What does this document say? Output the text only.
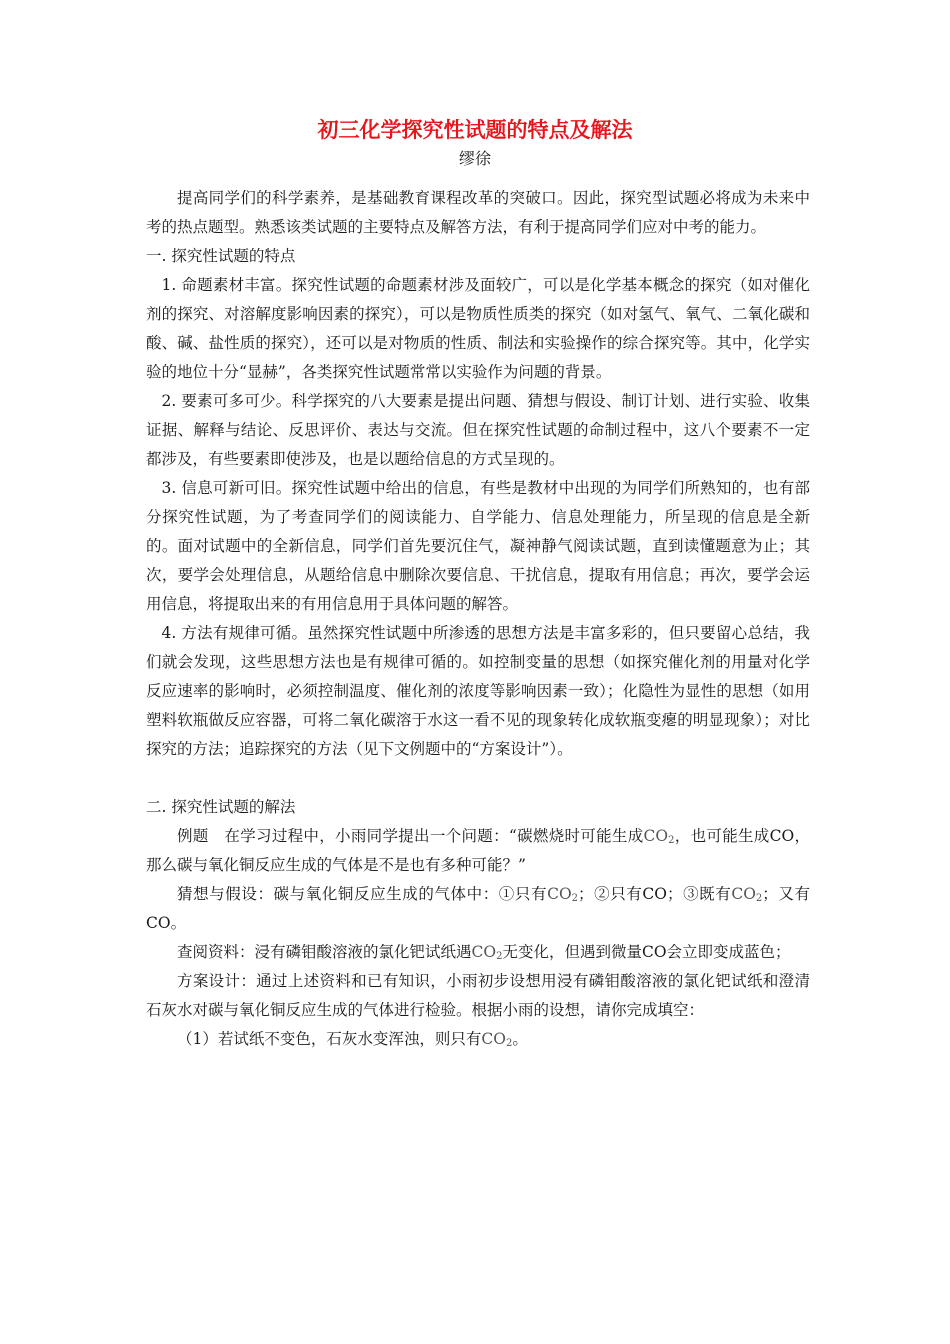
初三化学探究性试题的特点及解法
缪徐

提高同学们的科学素养，是基础教育课程改革的突破口。因此，探究型试题必将成为未来中考的热点题型。熟悉该类试题的主要特点及解答方法，有利于提高同学们应对中考的能力。

一. 探究性试题的特点

1. 命题素材丰富。探究性试题的命题素材涉及面较广，可以是化学基本概念的探究（如对催化剂的探究、对溶解度影响因素的探究），可以是物质性质类的探究（如对氢气、氧气、二氧化碳和酸、碱、盐性质的探究），还可以是对物质的性质、制法和实验操作的综合探究等。其中，化学实验的地位十分“显赫”，各类探究性试题常常以实验作为问题的背景。

2. 要素可多可少。科学探究的八大要素是提出问题、猜想与假设、制订计划、进行实验、收集证据、解释与结论、反思评价、表达与交流。但在探究性试题的命制过程中，这八个要素不一定都涉及，有些要素即使涉及，也是以题给信息的方式呈现的。

3. 信息可新可旧。探究性试题中给出的信息，有些是教材中出现的为同学们所熟知的，也有部分探究性试题，为了考查同学们的阅读能力、自学能力、信息处理能力，所呈现的信息是全新的。面对试题中的全新信息，同学们首先要沉住气，凝神静气阅读试题，直到读懂题意为止；其次，要学会处理信息，从题给信息中删除次要信息、干扰信息，提取有用信息；再次，要学会运用信息，将提取出来的有用信息用于具体问题的解答。

4. 方法有规律可循。虽然探究性试题中所渗透的思想方法是丰富多彩的，但只要留心总结，我们就会发现，这些思想方法也是有规律可循的。如控制变量的思想（如探究催化剂的用量对化学反应速率的影响时，必须控制温度、催化剂的浓度等影响因素一致）；化隐性为显性的思想（如用塑料软瓶做反应容器，可将二氧化碳溶于水这一看不见的现象转化成软瓶变瘪的明显现象）；对比探究的方法；追踪探究的方法（见下文例题中的“方案设计”）。

二. 探究性试题的解法

例题　在学习过程中，小雨同学提出一个问题：“碳燃烧时可能生成$CO_2$，也可能生成CO，那么碳与氧化铜反应生成的气体是不是也有多种可能？”

猜想与假设：碳与氧化铜反应生成的气体中：①只有$CO_2$；②只有CO；③既有$CO_2$；又有CO。

查阅资料：浸有磷钼酸溶液的氯化钯试纸遇$CO_2$无变化，但遇到微量CO会立即变成蓝色；

方案设计：通过上述资料和已有知识，小雨初步设想用浸有磷钼酸溶液的氯化钯试纸和澄清石灰水对碳与氧化铜反应生成的气体进行检验。根据小雨的设想，请你完成填空：

（1）若试纸不变色，石灰水变浑浊，则只有$CO_2$。
